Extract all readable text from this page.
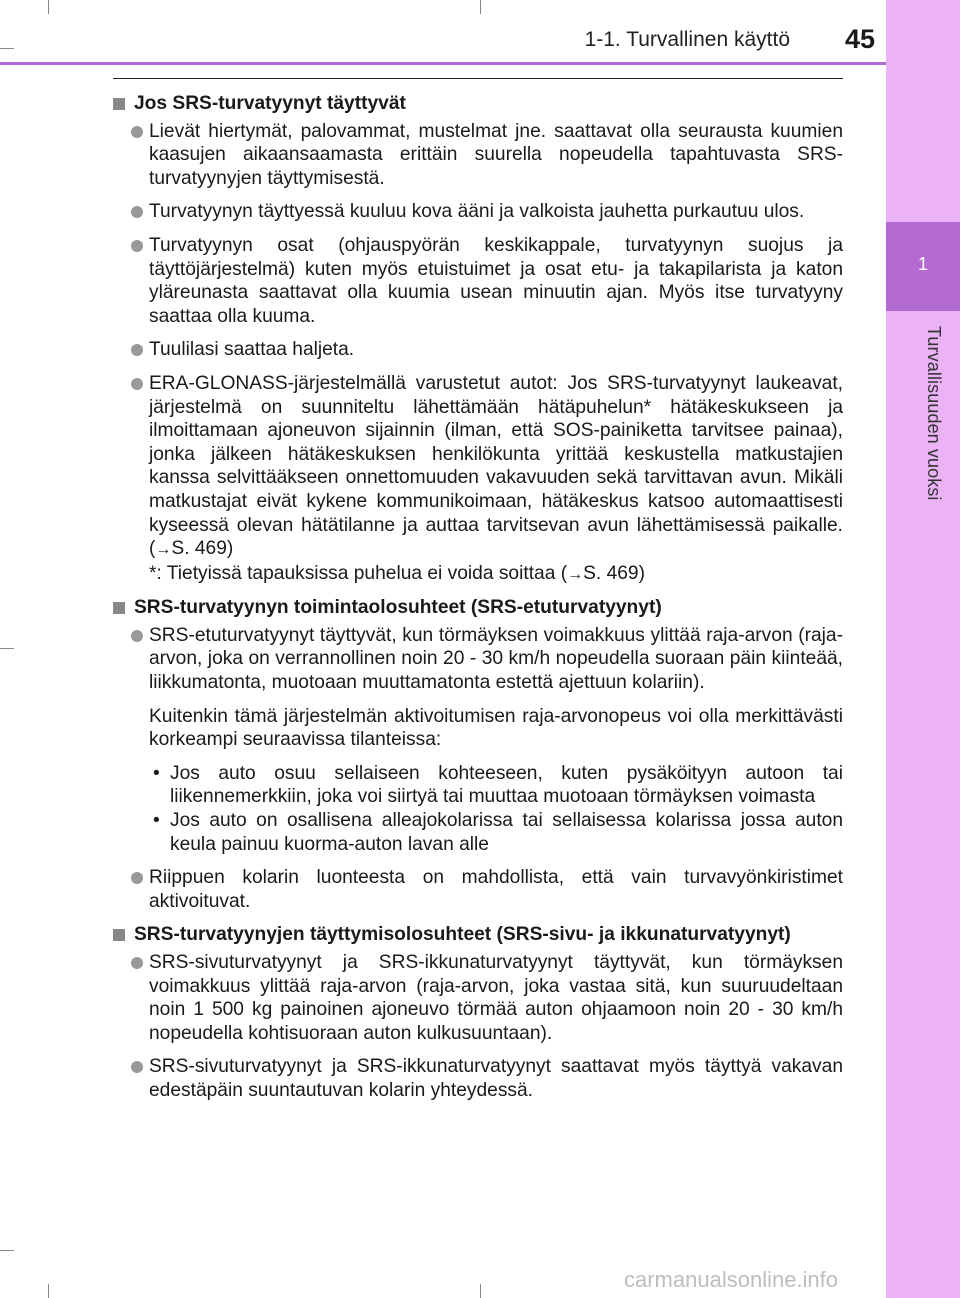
1
Turvallisuuden vuoksi
1-1. Turvallinen käyttö	45
Jos SRS-turvatyynyt täyttyvät
Lievät hiertymät, palovammat, mustelmat jne. saattavat olla seurausta kuumien kaasujen aikaansaamasta erittäin suurella nopeudella tapahtuvasta SRS-turvatyynyjen täyttymisestä.
Turvatyynyn täyttyessä kuuluu kova ääni ja valkoista jauhetta purkautuu ulos.
Turvatyynyn osat (ohjauspyörän keskikappale, turvatyynyn suojus ja täyttöjärjestelmä) kuten myös etuistuimet ja osat etu- ja takapilarista ja katon yläreunasta saattavat olla kuumia usean minuutin ajan. Myös itse turvatyyny saattaa olla kuuma.
Tuulilasi saattaa haljeta.
ERA-GLONASS-järjestelmällä varustetut autot: Jos SRS-turvatyynyt laukeavat, järjestelmä on suunniteltu lähettämään hätäpuhelun* hätäkeskukseen ja ilmoittamaan ajoneuvon sijainnin (ilman, että SOS-painiketta tarvitsee painaa), jonka jälkeen hätäkeskuksen henkilökunta yrittää keskustella matkustajien kanssa selvittääkseen onnettomuuden vakavuuden sekä tarvittavan avun. Mikäli matkustajat eivät kykene kommunikoimaan, hätäkeskus katsoo automaattisesti kyseessä olevan hätätilanne ja auttaa tarvitsevan avun lähettämisessä paikalle. (→S. 469)
*: Tietyissä tapauksissa puhelua ei voida soittaa (→S. 469)
SRS-turvatyynyn toimintaolosuhteet (SRS-etuturvatyynyt)
SRS-etuturvatyynyt täyttyvät, kun törmäyksen voimakkuus ylittää raja-arvon (raja-arvon, joka on verrannollinen noin 20 - 30 km/h nopeudella suoraan päin kiinteää, liikkumatonta, muotoaan muuttamatonta estettä ajettuun kolariin).
Kuitenkin tämä järjestelmän aktivoitumisen raja-arvonopeus voi olla merkittävästi korkeampi seuraavissa tilanteissa:
• Jos auto osuu sellaiseen kohteeseen, kuten pysäköityyn autoon tai liikennemerkkiin, joka voi siirtyä tai muuttaa muotoaan törmäyksen voimasta
• Jos auto on osallisena alleajokolarissa tai sellaisessa kolarissa jossa auton keula painuu kuorma-auton lavan alle
Riippuen kolarin luonteesta on mahdollista, että vain turvavyönkiristimet aktivoituvat.
SRS-turvatyynyjen täyttymisolosuhteet (SRS-sivu- ja ikkunaturvatyynyt)
SRS-sivuturvatyynyt ja SRS-ikkunaturvatyynyt täyttyvät, kun törmäyksen voimakkuus ylittää raja-arvon (raja-arvon, joka vastaa sitä, kun suuruudeltaan noin 1 500 kg painoinen ajoneuvo törmää auton ohjaamoon noin 20 - 30 km/h nopeudella kohtisuoraan auton kulkusuuntaan).
SRS-sivuturvatyynyt ja SRS-ikkunaturvatyynyt saattavat myös täyttyä vakavan edestäpäin suuntautuvan kolarin yhteydessä.
carmanualsonline.info
